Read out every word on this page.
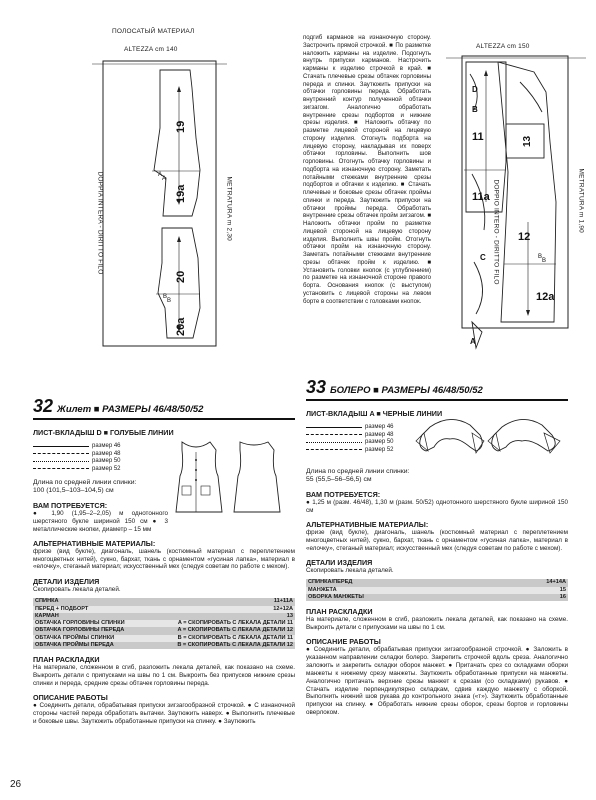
ПОЛОСАТЫЙ МАТЕРИАЛ
ALTEZZA cm 140
19
19a
20
20a
A
A
B
B
DOPPIA INTERA - DIRITTO FILO	METRATURA m 2,30
подгиб карманов на изнаночную сторону. Застрочить прямой строчкой. ■ По разметке наложить карманы на изделие. Подогнуть внутрь припуски карманов. Настрочить карманы к изделию строчкой в край. ■ Стачать плечевые срезы обтачек горловины переда и спинки. Заутюжить припуски на обтачки горловины переда. Обработать внутренний контур полученной обтачки зигзагом. Аналогично обработать внутренние срезы подбортов и нижние срезы изделия. ■ Наложить обтачку по разметке лицевой стороной на лицевую сторону изделия. Отогнуть подборта на лицевую сторону, накладывая их поверх обтачки горловины. Выполнить шов горловины. Отогнуть обтачку горловины и подборта на изнаночную сторону. Заметать потайными стежками внутренние срезы подбортов и обтачки к изделию. ■ Стачать плечевые и боковые срезы обтачек проймы спинки и переда. Заутюжить припуски на обтачки проймы переда. Обработать внутренние срезы обтачек пройм зигзагом. ■ Наложить обтачки пройм по разметке лицевой стороной на лицевую сторону изделия. Выполнить швы пройм. Отогнуть обтачки пройм на изнаночную сторону. Заметать потайными стежками внутренние срезы обтачек пройм к изделию. ■ Установить головки кнопок (с углублением) по разметке на изнаночной стороне правого борта. Основания кнопок (с выступом) установить с лицевой стороны на левом борте в соответствии с головками кнопок.
ALTEZZA cm 150
11
11a
12
12a
13
D
B
C
A
B
B
DOPPIO INTERO - DIRITTO FILO	METRATURA m 1,90
32 Жилет ■ РАЗМЕРЫ 46/48/50/52
ЛИСТ-ВКЛАДЫШ D ■ ГОЛУБЫЕ ЛИНИИ
размер 46
размер 48
размер 50
размер 52
Длина по средней линии спинки:
100 (101,5–103–104,5) см
ВАМ ПОТРЕБУЕТСЯ:
● 1,90 (1,95–2–2,05) м однотонного шерстяного букле шириной 150 см ● 3 металлические кнопки, диаметр – 15 мм
АЛЬТЕРНАТИВНЫЕ МАТЕРИАЛЫ:
фризе (вид букле), диагональ, шанель (костюмный материал с переплетением многоцветных нитей), сукно, бархат, ткань с орнаментом «гусиная лапка», материал в «елочку», стеганый материал; искусственный мех (следуя советам по работе с мехом).
ДЕТАЛИ ИЗДЕЛИЯ
Скопировать лекала деталей.
СПИНКА	11+11A
ПЕРЕД + ПОДБОРТ	12+12A
КАРМАН	13
ОБТАЧКА ГОРЛОВИНЫ СПИНКИ	A = СКОПИРОВАТЬ С ЛЕКАЛА ДЕТАЛИ 11
ОБТАЧКА ГОРЛОВИНЫ ПЕРЕДА	A = СКОПИРОВАТЬ С ЛЕКАЛА ДЕТАЛИ 12
ОБТАЧКА ПРОЙМЫ СПИНКИ	B = СКОПИРОВАТЬ С ЛЕКАЛА ДЕТАЛИ 11
ОБТАЧКА ПРОЙМЫ ПЕРЕДА	B = СКОПИРОВАТЬ С ЛЕКАЛА ДЕТАЛИ 12
ПЛАН РАСКЛАДКИ
На материале, сложенном в сгиб, разложить лекала деталей, как показано на схеме. Выкроить детали с припусками на швы по 1 см. Выкроить без припусков нижние срезы спинки и переда, средние срезы обтачек горловины переда.
ОПИСАНИЕ РАБОТЫ
● Соединить детали, обрабатывая припуски зигзагообразной строчкой. ● С изнаночной стороны частей переда обработать вытачки. Заутюжить наверх. ● Выполнить плечевые и боковые швы. Заутюжить обработанные припуски на спинку. ● Заутюжить
33 БОЛЕРО ■ РАЗМЕРЫ 46/48/50/52
ЛИСТ-ВКЛАДЫШ A ■ ЧЕРНЫЕ ЛИНИИ
размер 46
размер 48
размер 50
размер 52
Длина по средней линии спинки:
55 (55,5–56–56,5) см
ВАМ ПОТРЕБУЕТСЯ:
● 1,25 м (разм. 46/48), 1,30 м (разм. 50/52) однотонного шерстяного букле шириной 150 см
АЛЬТЕРНАТИВНЫЕ МАТЕРИАЛЫ:
фризе (вид букле), диагональ, шанель (костюмный материал с переплетением многоцветных нитей), сукно, бархат, ткань с орнаментом «гусиная лапка», материал в «елочку», стеганый материал; искусственный мех (следуя советам по работе с мехом).
ДЕТАЛИ ИЗДЕЛИЯ
Скопировать лекала деталей.
СПИНКА/ПЕРЕД	14+14A
МАНЖЕТА	15
ОБОРКА МАНЖЕТЫ	16
ПЛАН РАСКЛАДКИ
На материале, сложенном в сгиб, разложить лекала деталей, как показано на схеме. Выкроить детали с припусками на швы по 1 см.
ОПИСАНИЕ РАБОТЫ
● Соединить детали, обрабатывая припуски зигзагообразной строчкой. ● Заложить в указанном направлении складки болеро. Закрепить строчкой вдоль среза. Аналогично заложить и закрепить складки оборок манжет. ● Притачать срез со складками оборки манжеты к нижнему срезу манжеты. Заутюжить обработанные припуски на манжеты. Аналогично притачать верхние срезы манжет к срезам (со складками) рукавов. ● Стачать изделие перпендикулярно складкам, сдвив каждую манжету с оборкой. Выполнить нижний шов рукава до контрольного знака («т»). Заутюжить обработанные припуски на спинку. ● Обработать нижние срезы оборок, срезы бортов и горловины оверлоком.
26
